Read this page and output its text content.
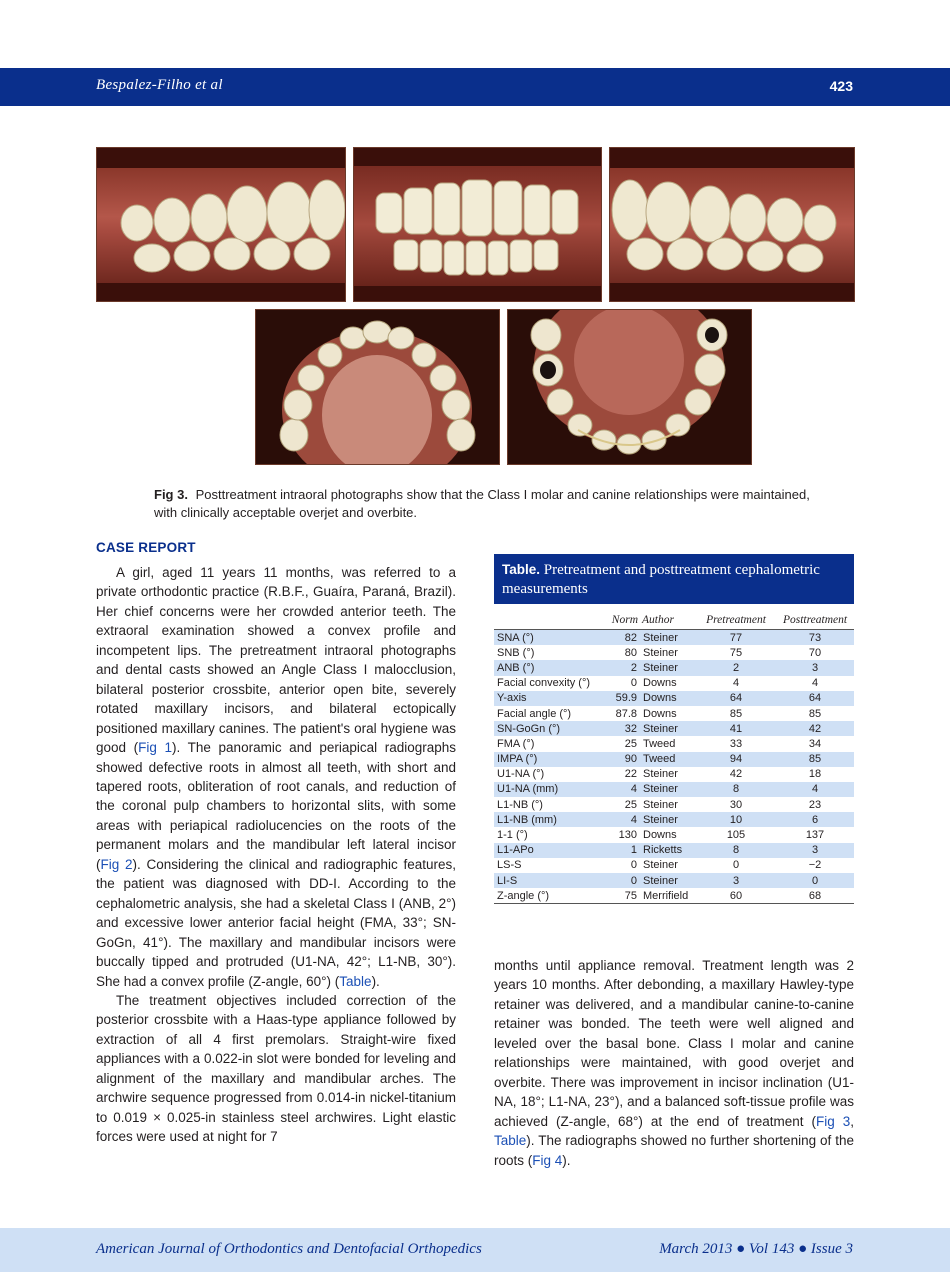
Bespalez-Filho et al	423
Fig 3. Posttreatment intraoral photographs show that the Class I molar and canine relationships were maintained, with clinically acceptable overjet and overbite.
CASE REPORT

A girl, aged 11 years 11 months, was referred to a private orthodontic practice (R.B.F., Guaíra, Paraná, Brazil). Her chief concerns were her crowded anterior teeth. The extraoral examination showed a convex profile and incompetent lips. The pretreatment intraoral photographs and dental casts showed an Angle Class I malocclusion, bilateral posterior crossbite, anterior open bite, severely rotated maxillary incisors, and bilateral ectopically positioned maxillary canines. The patient's oral hygiene was good (Fig 1). The panoramic and periapical radiographs showed defective roots in almost all teeth, with short and tapered roots, obliteration of root canals, and reduction of the coronal pulp chambers to horizontal slits, with some areas with periapical radiolucencies on the roots of the permanent molars and the mandibular left lateral incisor (Fig 2). Considering the clinical and radiographic features, the patient was diagnosed with DD-I. According to the cephalometric analysis, she had a skeletal Class I (ANB, 2°) and excessive lower anterior facial height (FMA, 33°; SN-GoGn, 41°). The maxillary and mandibular incisors were buccally tipped and protruded (U1-NA, 42°; L1-NB, 30°). She had a convex profile (Z-angle, 60°) (Table).

The treatment objectives included correction of the posterior crossbite with a Haas-type appliance followed by extraction of all 4 first premolars. Straight-wire fixed appliances with a 0.022-in slot were bonded for leveling and alignment of the maxillary and mandibular arches. The archwire sequence progressed from 0.014-in nickel-titanium to 0.019 × 0.025-in stainless steel archwires. Light elastic forces were used at night for 7

Table. Pretreatment and posttreatment cephalometric measurements
	Norm	Author	Pretreatment	Posttreatment
SNA (°)	82	Steiner	77	73
SNB (°)	80	Steiner	75	70
ANB (°)	2	Steiner	2	3
Facial convexity (°)	0	Downs	4	4
Y-axis	59.9	Downs	64	64
Facial angle (°)	87.8	Downs	85	85
SN-GoGn (°)	32	Steiner	41	42
FMA (°)	25	Tweed	33	34
IMPA (°)	90	Tweed	94	85
U1-NA (°)	22	Steiner	42	18
U1-NA (mm)	4	Steiner	8	4
L1-NB (°)	25	Steiner	30	23
L1-NB (mm)	4	Steiner	10	6
1-1 (°)	130	Downs	105	137
L1-APo	1	Ricketts	8	3
LS-S	0	Steiner	0	−2
LI-S	0	Steiner	3	0
Z-angle (°)	75	Merrifield	60	68

months until appliance removal. Treatment length was 2 years 10 months. After debonding, a maxillary Hawley-type retainer was delivered, and a mandibular canine-to-canine retainer was bonded. The teeth were well aligned and leveled over the basal bone. Class I molar and canine relationships were maintained, with good overjet and overbite. There was improvement in incisor inclination (U1-NA, 18°; L1-NA, 23°), and a balanced soft-tissue profile was achieved (Z-angle, 68°) at the end of treatment (Fig 3, Table). The radiographs showed no further shortening of the roots (Fig 4).

American Journal of Orthodontics and Dentofacial Orthopedics	March 2013 ● Vol 143 ● Issue 3
